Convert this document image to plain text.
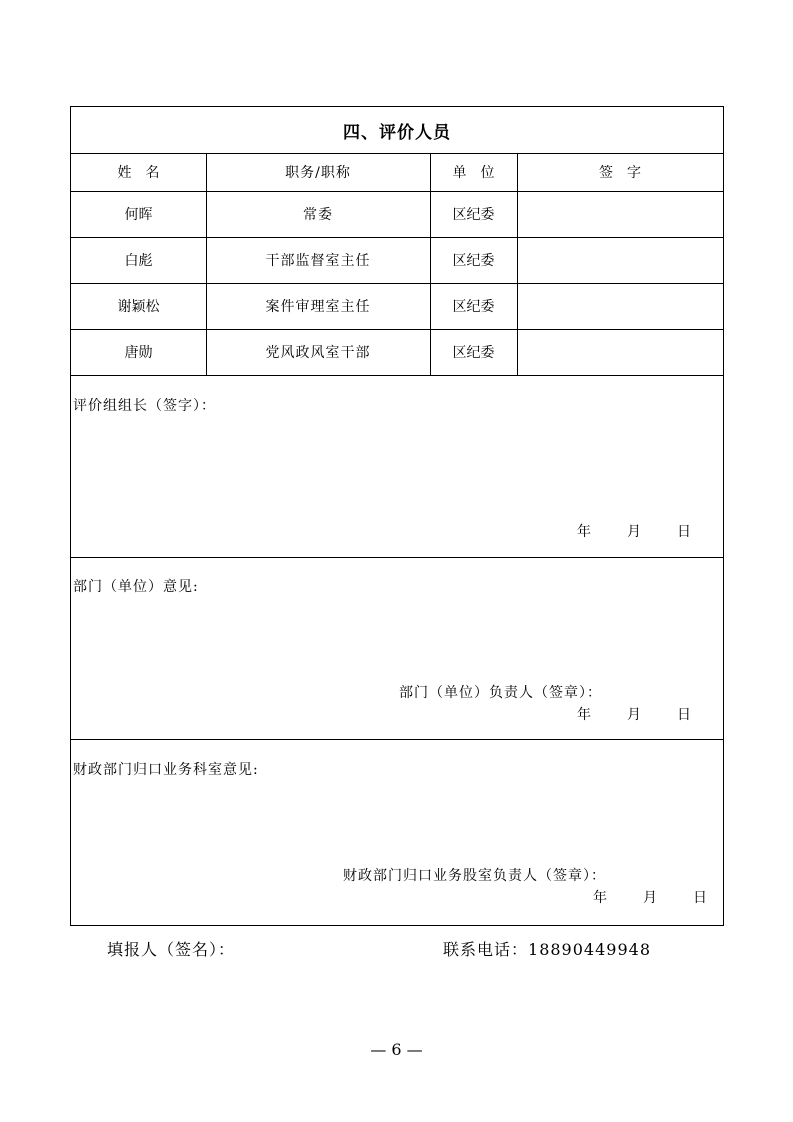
四、评价人员
姓　名	职务/职称	单　位	签　字
何晖	常委	区纪委
白彪	干部监督室主任	区纪委
谢颖松	案件审理室主任	区纪委
唐勋	党风政风室干部	区纪委
评价组组长（签字）：
年	月	日
部门（单位）意见:
部门（单位）负责人（签章）：
年	月	日
财政部门归口业务科室意见:
财政部门归口业务股室负责人（签章）：
年	月	日
填报人（签名）：	联系电话：18890449948
— 6 —
